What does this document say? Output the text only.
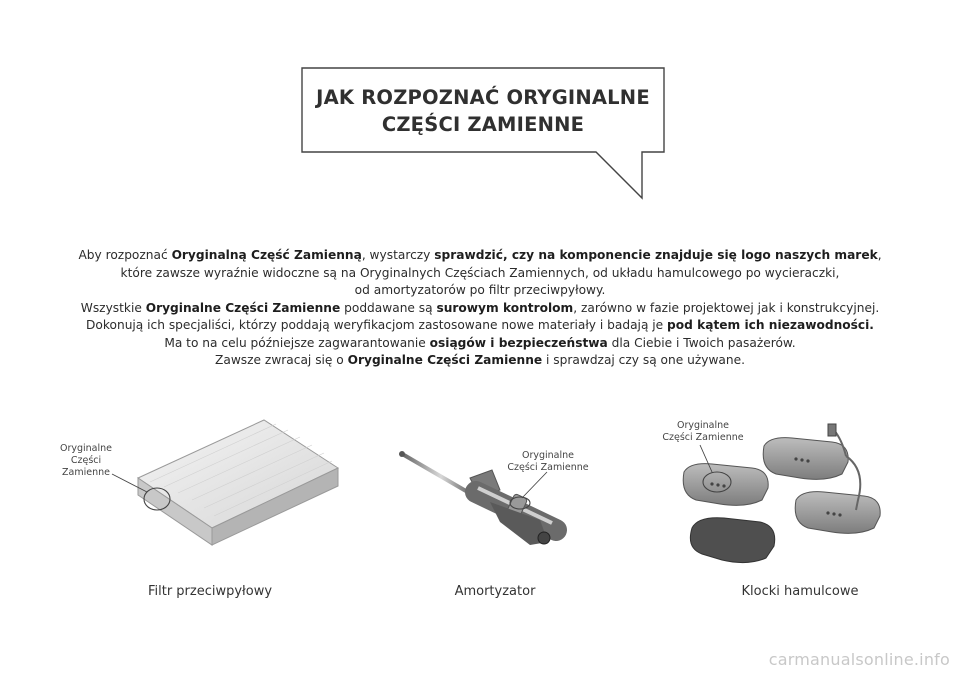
JAK ROZPOZNAĆ ORYGINALNE
CZĘŚCI ZAMIENNE

Aby rozpoznać Oryginalną Część Zamienną, wystarczy sprawdzić, czy na komponencie znajduje się logo naszych marek,

które zawsze wyraźnie widoczne są na Oryginalnych Częściach Zamiennych, od układu hamulcowego po wycieraczki,

od amortyzatorów po filtr przeciwpyłowy.

Wszystkie Oryginalne Części Zamienne poddawane są surowym kontrolom, zarówno w fazie projektowej jak i konstrukcyjnej.

Dokonują ich specjaliści, którzy poddają weryfikacjom zastosowane nowe materiały i badają je pod kątem ich niezawodności.

Ma to na celu późniejsze zagwarantowanie osiągów i bezpieczeństwa dla Ciebie i Twoich pasażerów.

Zawsze zwracaj się o Oryginalne Części Zamienne i sprawdzaj czy są one używane.

Oryginalne
Części Zamienne
Oryginalne
Części Zamienne
Oryginalne
Części Zamienne
Filtr przeciwpyłowy	Amortyzator	Klocki hamulcowe
carmanualsonline.info
